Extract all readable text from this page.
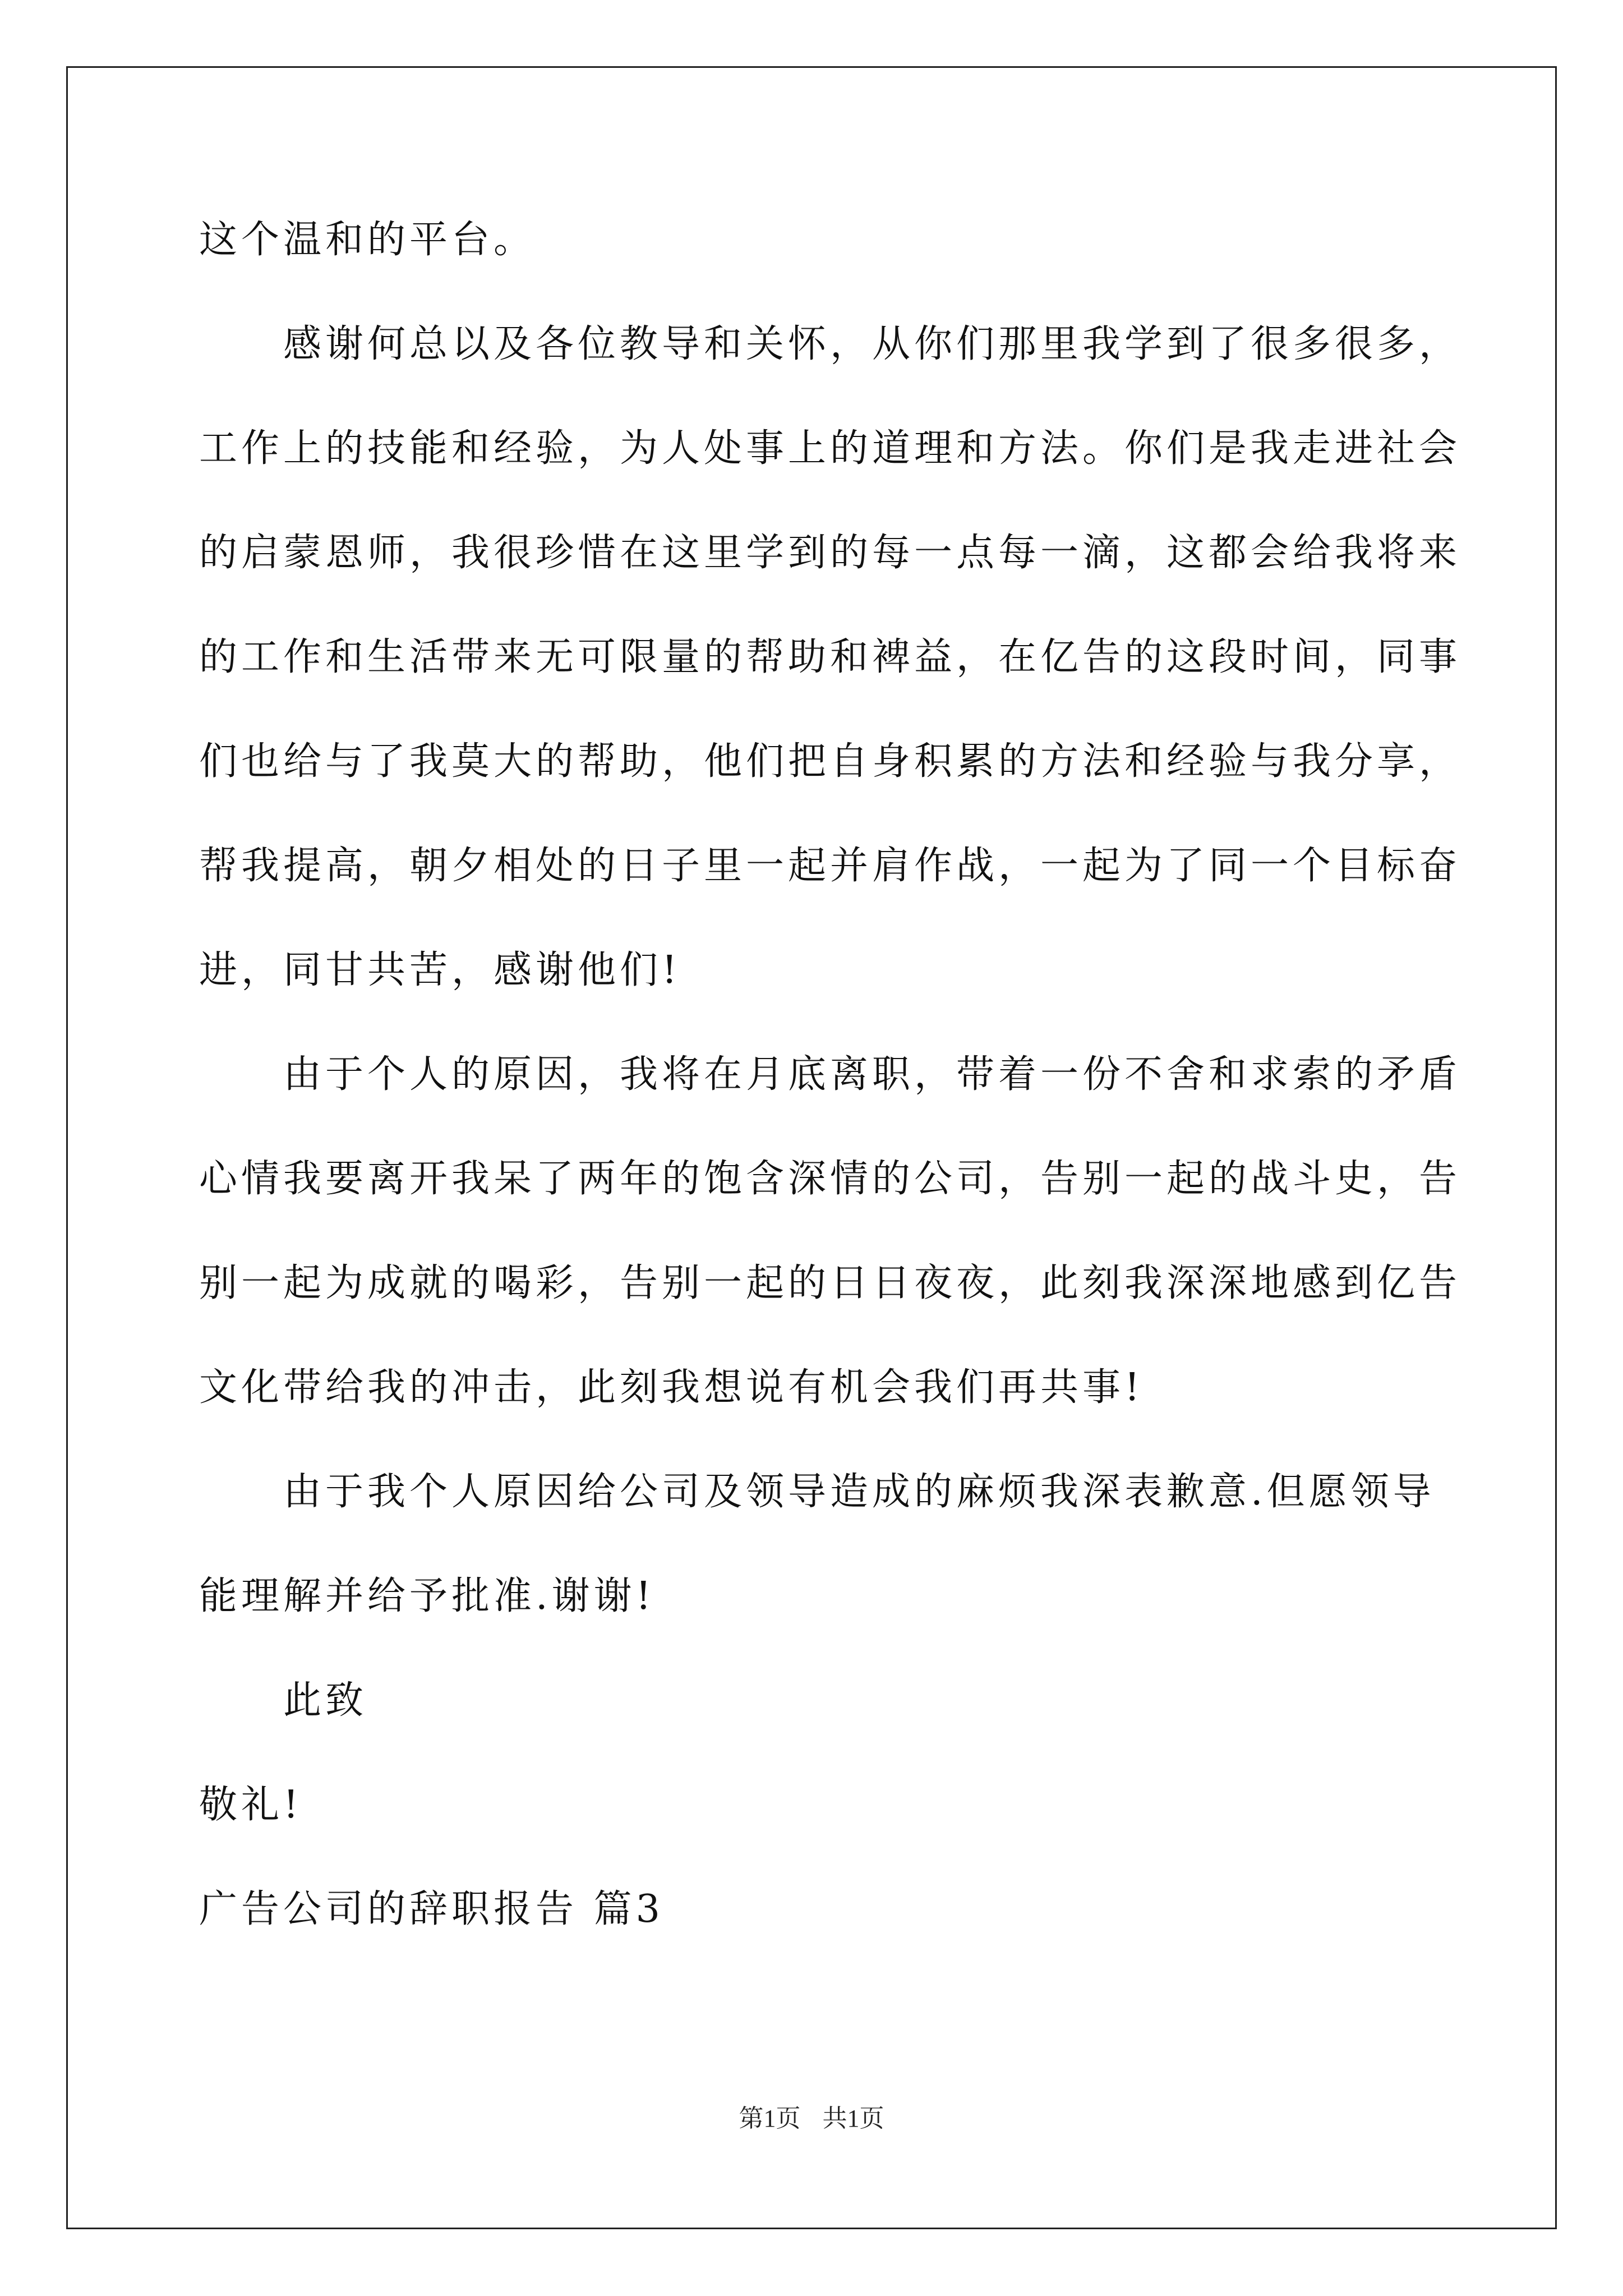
这个温和的平台。
感谢何总以及各位教导和关怀，从你们那里我学到了很多很多，
工作上的技能和经验，为人处事上的道理和方法。你们是我走进社会
的启蒙恩师，我很珍惜在这里学到的每一点每一滴，这都会给我将来
的工作和生活带来无可限量的帮助和裨益，在亿告的这段时间，同事
们也给与了我莫大的帮助，他们把自身积累的方法和经验与我分享，
帮我提高，朝夕相处的日子里一起并肩作战，一起为了同一个目标奋
进，同甘共苦，感谢他们!
由于个人的原因，我将在月底离职，带着一份不舍和求索的矛盾
心情我要离开我呆了两年的饱含深情的公司，告别一起的战斗史，告
别一起为成就的喝彩，告别一起的日日夜夜，此刻我深深地感到亿告
文化带给我的冲击，此刻我想说有机会我们再共事!
由于我个人原因给公司及领导造成的麻烦我深表歉意.但愿领导
能理解并给予批准.谢谢!
此致
敬礼!
广告公司的辞职报告 篇3
第1页 共1页
